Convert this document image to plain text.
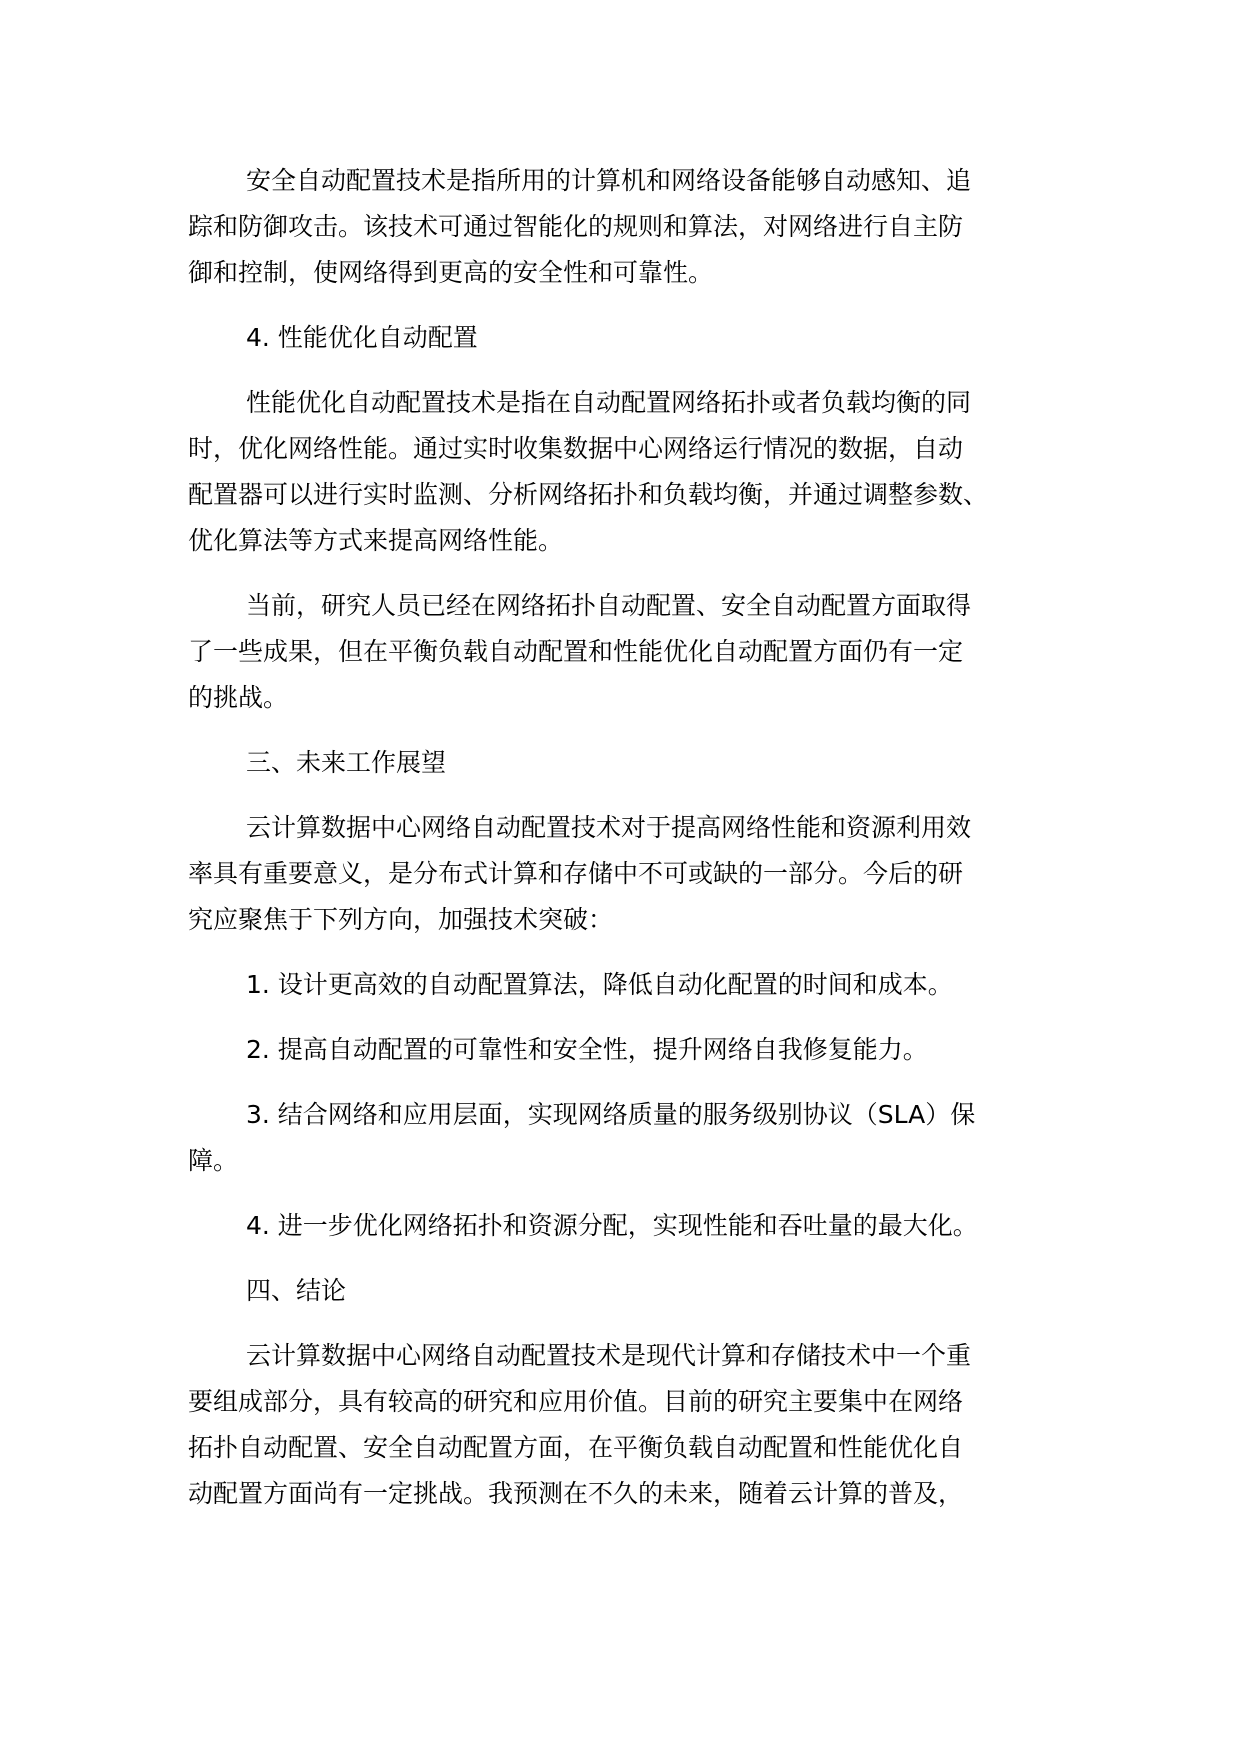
安全自动配置技术是指所用的计算机和网络设备能够自动感知、追
踪和防御攻击。该技术可通过智能化的规则和算法，对网络进行自主防
御和控制，使网络得到更高的安全性和可靠性。

4. 性能优化自动配置

性能优化自动配置技术是指在自动配置网络拓扑或者负载均衡的同
时，优化网络性能。通过实时收集数据中心网络运行情况的数据，自动
配置器可以进行实时监测、分析网络拓扑和负载均衡，并通过调整参数、
优化算法等方式来提高网络性能。

当前，研究人员已经在网络拓扑自动配置、安全自动配置方面取得
了一些成果，但在平衡负载自动配置和性能优化自动配置方面仍有一定
的挑战。

三、未来工作展望

云计算数据中心网络自动配置技术对于提高网络性能和资源利用效
率具有重要意义，是分布式计算和存储中不可或缺的一部分。今后的研
究应聚焦于下列方向，加强技术突破：

1. 设计更高效的自动配置算法，降低自动化配置的时间和成本。

2. 提高自动配置的可靠性和安全性，提升网络自我修复能力。

3. 结合网络和应用层面，实现网络质量的服务级别协议（SLA）保
障。

4. 进一步优化网络拓扑和资源分配，实现性能和吞吐量的最大化。

四、结论

云计算数据中心网络自动配置技术是现代计算和存储技术中一个重
要组成部分，具有较高的研究和应用价值。目前的研究主要集中在网络
拓扑自动配置、安全自动配置方面，在平衡负载自动配置和性能优化自
动配置方面尚有一定挑战。我预测在不久的未来，随着云计算的普及，
